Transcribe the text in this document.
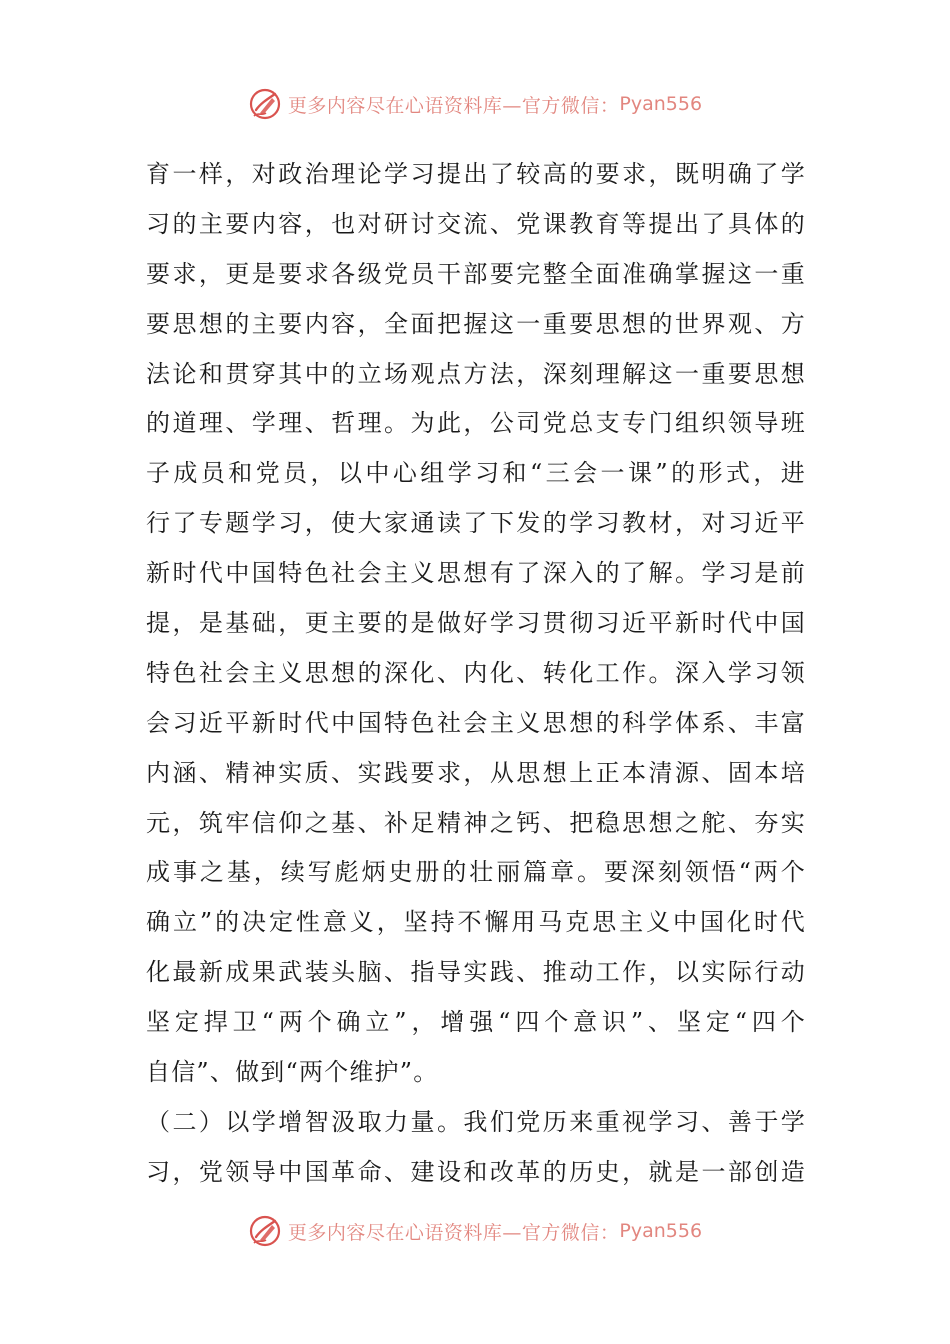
更多内容尽在心语资料库—官方微信： Pyan556
育一样，对政治理论学习提出了较高的要求，既明确了学
习的主要内容，也对研讨交流、党课教育等提出了具体的
要求，更是要求各级党员干部要完整全面准确掌握这一重
要思想的主要内容，全面把握这一重要思想的世界观、方
法论和贯穿其中的立场观点方法，深刻理解这一重要思想
的道理、学理、哲理。为此，公司党总支专门组织领导班
子成员和党员，以中心组学习和“三会一课”的形式，进
行了专题学习，使大家通读了下发的学习教材，对习近平
新时代中国特色社会主义思想有了深入的了解。学习是前
提，是基础，更主要的是做好学习贯彻习近平新时代中国
特色社会主义思想的深化、内化、转化工作。深入学习领
会习近平新时代中国特色社会主义思想的科学体系、丰富
内涵、精神实质、实践要求，从思想上正本清源、固本培
元，筑牢信仰之基、补足精神之钙、把稳思想之舵、夯实
成事之基，续写彪炳史册的壮丽篇章。要深刻领悟“两个
确立”的决定性意义，坚持不懈用马克思主义中国化时代
化最新成果武装头脑、指导实践、推动工作，以实际行动
坚定捍卫“两个确立”，增强“四个意识”、坚定“四个
自信”、做到“两个维护”。
（二）以学增智汲取力量。我们党历来重视学习、善于学
习，党领导中国革命、建设和改革的历史，就是一部创造
更多内容尽在心语资料库—官方微信： Pyan556
